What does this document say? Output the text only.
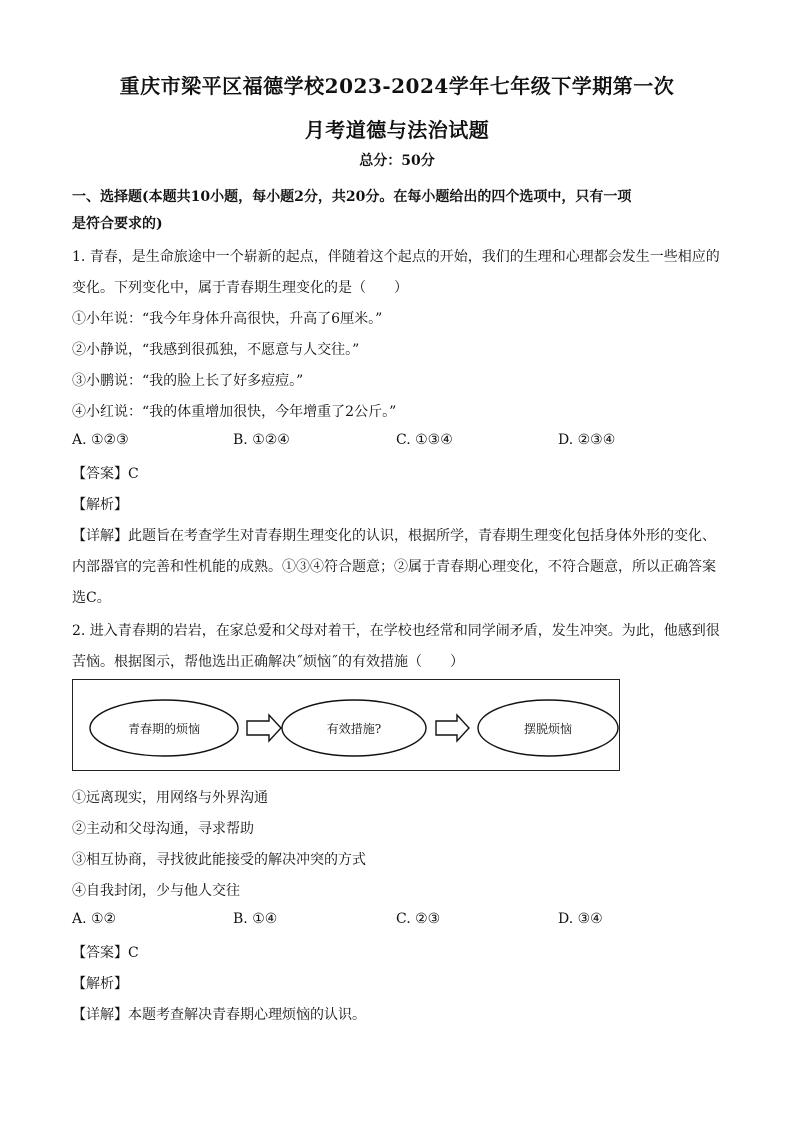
重庆市梁平区福德学校2023-2024学年七年级下学期第一次
月考道德与法治试题
总分：50分
一、选择题(本题共10小题，每小题2分，共20分。在每小题给出的四个选项中，只有一项
是符合要求的)
1. 青春，是生命旅途中一个崭新的起点，伴随着这个起点的开始，我们的生理和心理都会发生一些相应的
变化。下列变化中，属于青春期生理变化的是（　　）
①小年说：“我今年身体升高很快，升高了6厘米。”
②小静说，“我感到很孤独，不愿意与人交往。”
③小鹏说：“我的脸上长了好多痘痘。”
④小红说：“我的体重增加很快，今年增重了2公斤。”
A. ①②③	B. ①②④	C. ①③④	D. ②③④
【答案】C
【解析】
【详解】此题旨在考查学生对青春期生理变化的认识，根据所学，青春期生理变化包括身体外形的变化、
内部器官的完善和性机能的成熟。①③④符合题意；②属于青春期心理变化，不符合题意，所以正确答案
选C。
2. 进入青春期的岩岩，在家总爱和父母对着干，在学校也经常和同学闹矛盾，发生冲突。为此，他感到很
苦恼。根据图示，帮他选出正确解决˝烦恼˝的有效措施（　　）
青春期的烦恼	有效措施?	摆脱烦恼
①远离现实，用网络与外界沟通
②主动和父母沟通，寻求帮助
③相互协商，寻找彼此能接受的解决冲突的方式
④自我封闭，少与他人交往
A. ①②	B. ①④	C. ②③	D. ③④
【答案】C
【解析】
【详解】本题考查解决青春期心理烦恼的认识。
